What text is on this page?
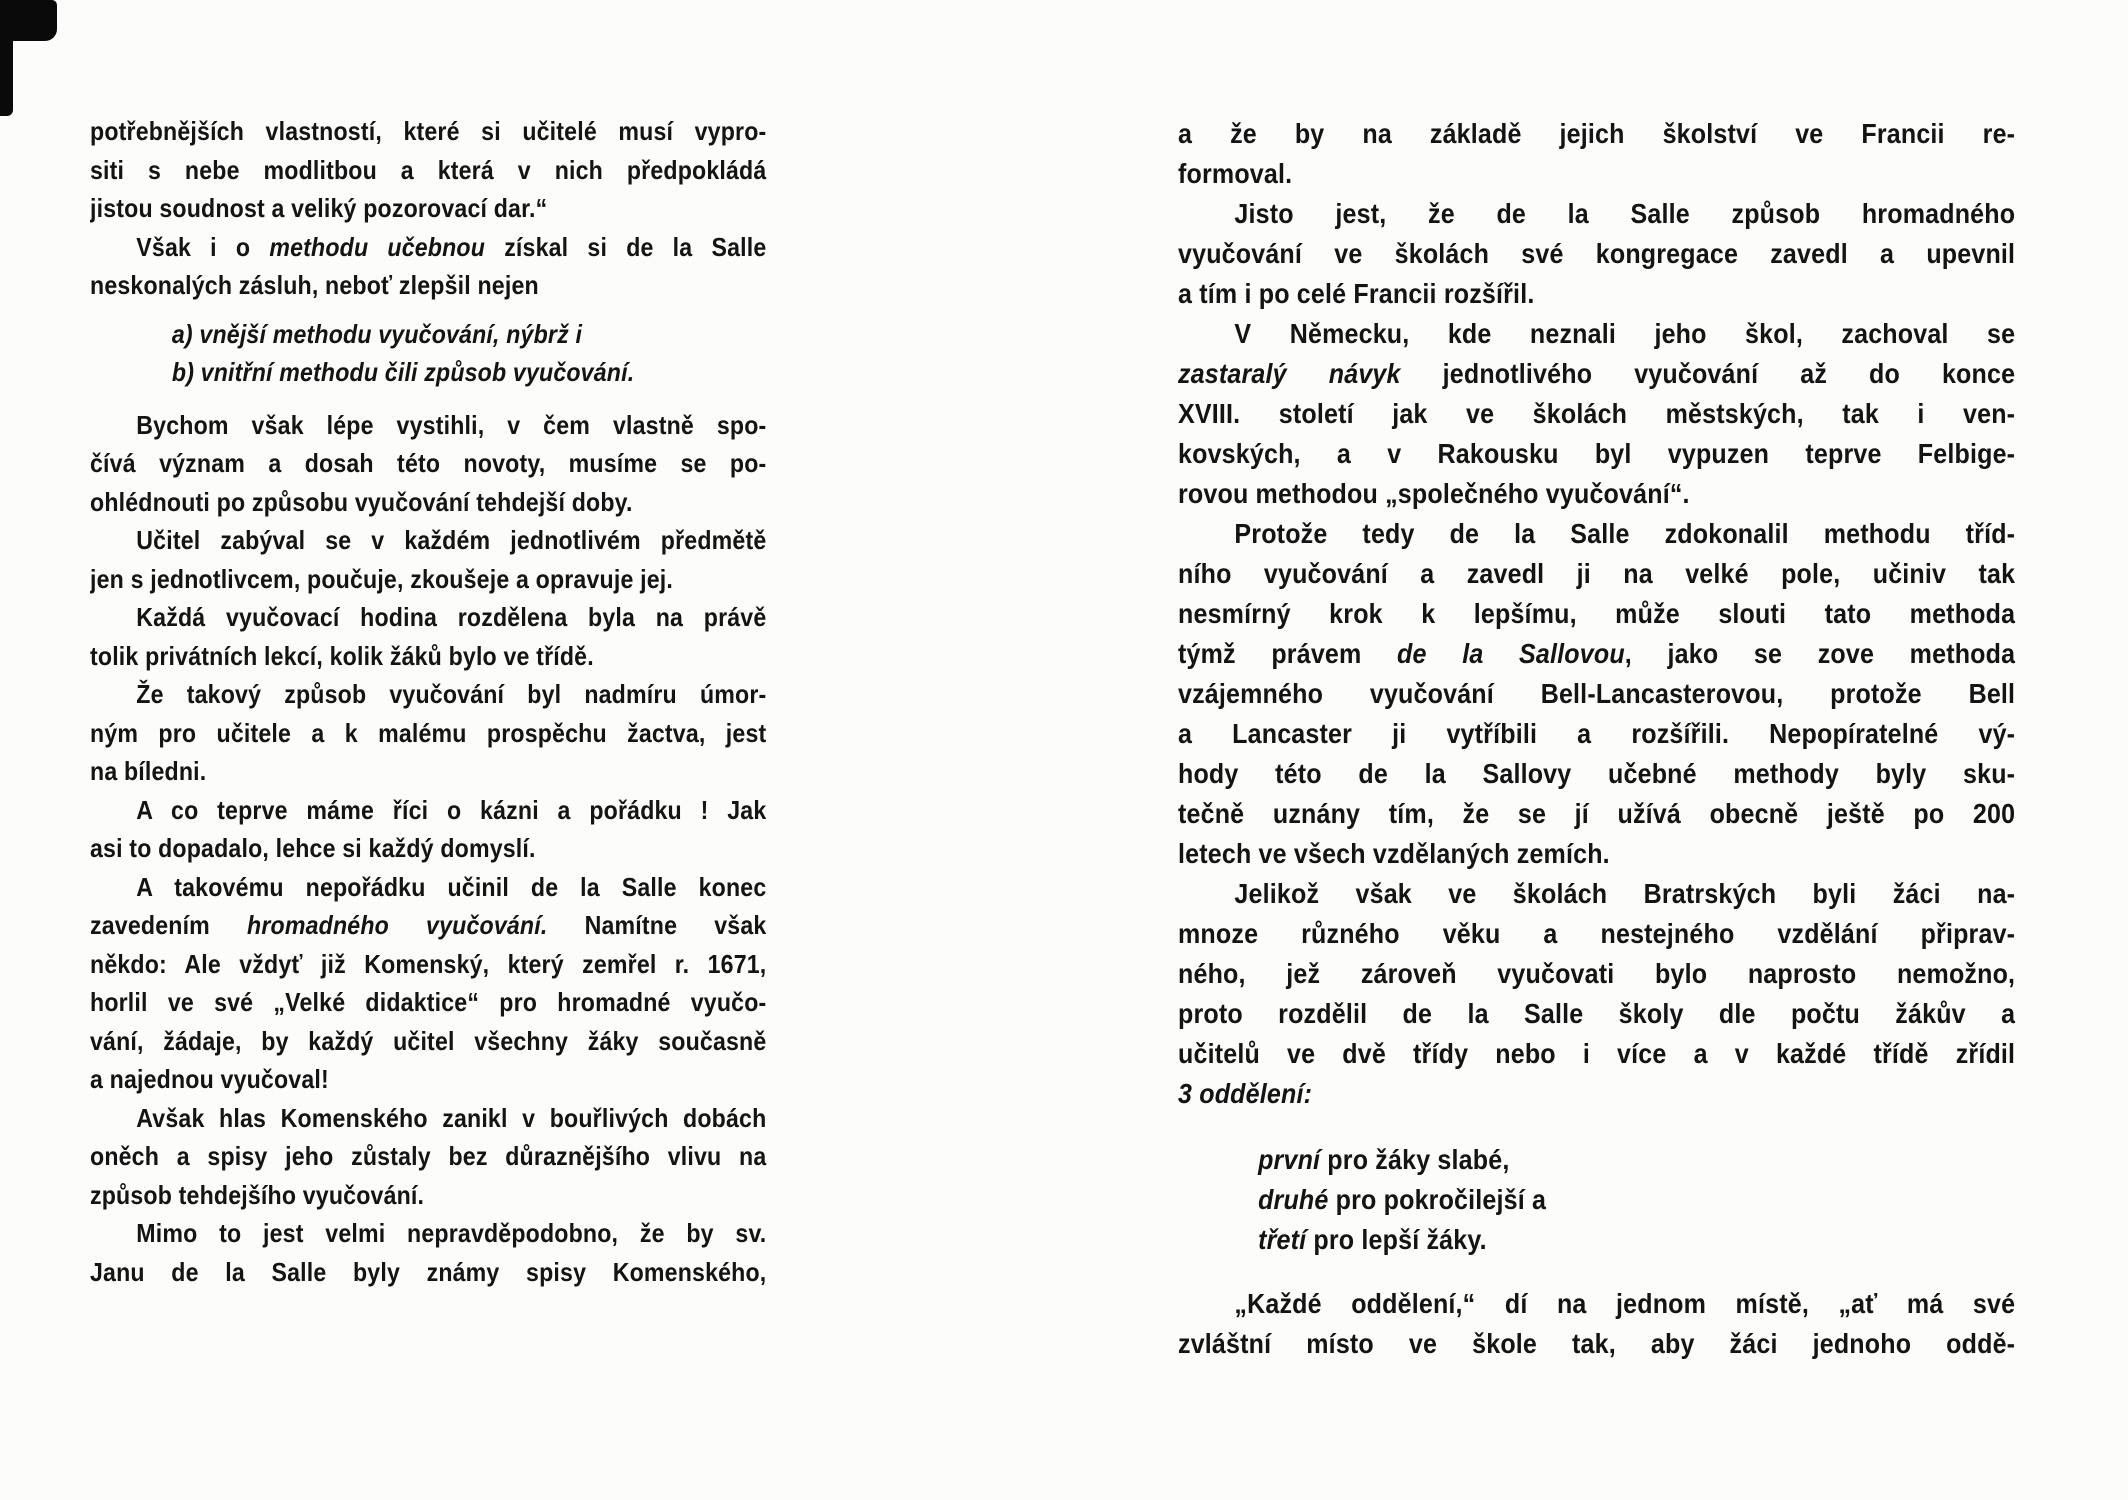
potřebnějších vlastností, které si učitelé musí vypro-
siti s nebe modlitbou a která v nich předpokládá
jistou soudnost a veliký pozorovací dar.“
Však i o methodu učebnou získal si de la Salle
neskonalých zásluh, neboť zlepšil nejen
a) vnější methodu vyučování, nýbrž i
b) vnitřní methodu čili způsob vyučování.
Bychom však lépe vystihli, v čem vlastně spo-
čívá význam a dosah této novoty, musíme se po-
ohlédnouti po způsobu vyučování tehdejší doby.
Učitel zabýval se v každém jednotlivém předmětě
jen s jednotlivcem, poučuje, zkoušeje a opravuje jej.
Každá vyučovací hodina rozdělena byla na právě
tolik privátních lekcí, kolik žáků bylo ve třídě.
Že takový způsob vyučování byl nadmíru úmor-
ným pro učitele a k malému prospěchu žactva, jest
na bíledni.
A co teprve máme říci o kázni a pořádku ! Jak
asi to dopadalo, lehce si každý domyslí.
A takovému nepořádku učinil de la Salle konec
zavedením hromadného vyučování. Namítne však
někdo: Ale vždyť již Komenský, který zemřel r. 1671,
horlil ve své „Velké didaktice“ pro hromadné vyučo-
vání, žádaje, by každý učitel všechny žáky současně
a najednou vyučoval!
Avšak hlas Komenského zanikl v bouřlivých dobách
oněch a spisy jeho zůstaly bez důraznějšího vlivu na
způsob tehdejšího vyučování.
Mimo to jest velmi nepravděpodobno, že by sv.
Janu de la Salle byly známy spisy Komenského,
a že by na základě jejich školství ve Francii re-
formoval.
Jisto jest, že de la Salle způsob hromadného
vyučování ve školách své kongregace zavedl a upevnil
a tím i po celé Francii rozšířil.
V Německu, kde neznali jeho škol, zachoval se
zastaralý návyk jednotlivého vyučování až do konce
XVIII. století jak ve školách městských, tak i ven-
kovských, a v Rakousku byl vypuzen teprve Felbige-
rovou methodou „společného vyučování“.
Protože tedy de la Salle zdokonalil methodu tříd-
ního vyučování a zavedl ji na velké pole, učiniv tak
nesmírný krok k lepšímu, může slouti tato methoda
týmž právem de la Sallovou, jako se zove methoda
vzájemného vyučování Bell-Lancasterovou, protože Bell
a Lancaster ji vytříbili a rozšířili. Nepopíratelné vý-
hody této de la Sallovy učebné methody byly sku-
tečně uznány tím, že se jí užívá obecně ještě po 200
letech ve všech vzdělaných zemích.
Jelikož však ve školách Bratrských byli žáci na-
mnoze různého věku a nestejného vzdělání připrav-
ného, jež zároveň vyučovati bylo naprosto nemožno,
proto rozdělil de la Salle školy dle počtu žákův a
učitelů ve dvě třídy nebo i více a v každé třídě zřídil
3 oddělení:
první pro žáky slabé,
druhé pro pokročilejší a
třetí pro lepší žáky.
„Každé oddělení,“ dí na jednom místě, „ať má své
zvláštní místo ve škole tak, aby žáci jednoho oddě-
